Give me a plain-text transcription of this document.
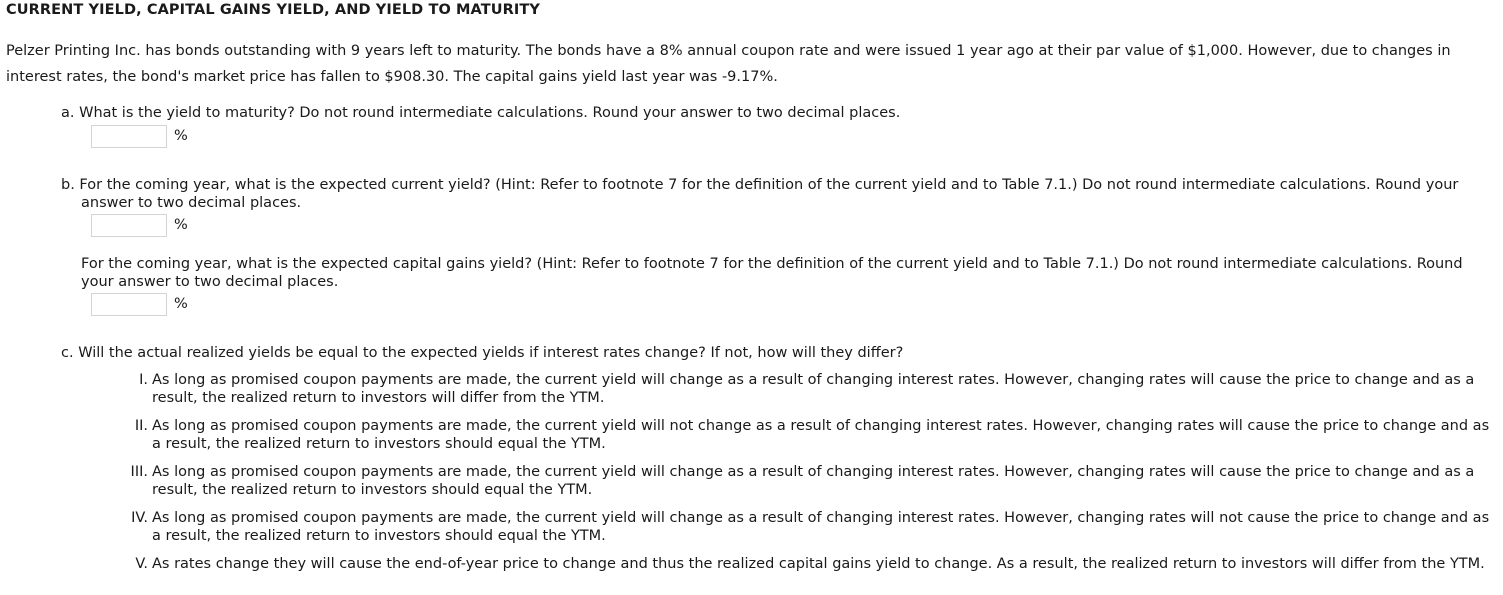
CURRENT YIELD, CAPITAL GAINS YIELD, AND YIELD TO MATURITY
Pelzer Printing Inc. has bonds outstanding with 9 years left to maturity. The bonds have a 8% annual coupon rate and were issued 1 year ago at their par value of $1,000. However, due to changes in interest rates, the bond's market price has fallen to $908.30. The capital gains yield last year was -9.17%.
a. What is the yield to maturity? Do not round intermediate calculations. Round your answer to two decimal places.
%
b. For the coming year, what is the expected current yield? (Hint: Refer to footnote 7 for the definition of the current yield and to Table 7.1.) Do not round intermediate calculations. Round your answer to two decimal places.
%
For the coming year, what is the expected capital gains yield? (Hint: Refer to footnote 7 for the definition of the current yield and to Table 7.1.) Do not round intermediate calculations. Round your answer to two decimal places.
%
c. Will the actual realized yields be equal to the expected yields if interest rates change? If not, how will they differ?
I. As long as promised coupon payments are made, the current yield will change as a result of changing interest rates. However, changing rates will cause the price to change and as a result, the realized return to investors will differ from the YTM.
II. As long as promised coupon payments are made, the current yield will not change as a result of changing interest rates. However, changing rates will cause the price to change and as a result, the realized return to investors should equal the YTM.
III. As long as promised coupon payments are made, the current yield will change as a result of changing interest rates. However, changing rates will cause the price to change and as a result, the realized return to investors should equal the YTM.
IV. As long as promised coupon payments are made, the current yield will change as a result of changing interest rates. However, changing rates will not cause the price to change and as a result, the realized return to investors should equal the YTM.
V. As rates change they will cause the end-of-year price to change and thus the realized capital gains yield to change. As a result, the realized return to investors will differ from the YTM.
